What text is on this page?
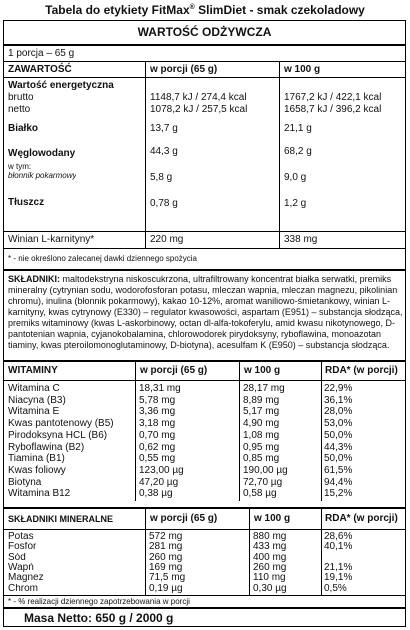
Tabela do etykiety FitMax® SlimDiet - smak czekoladowy
WARTOŚĆ ODŻYWCZA
1 porcja – 65 g
ZAWARTOŚĆ	w porcji (65 g)	w 100 g
Wartość energetyczna
brutto	1148,7 kJ / 274,4 kcal	1767,2 kJ / 422,1 kcal
netto	1078,2 kJ / 257,5 kcal	1658,7 kJ / 396,2 kcal
Białko	13,7 g	21,1 g
Węglowodany	44,3 g	68,2 g
w tym:
błonnik pokarmowy	5,8 g	9,0 g
Tłuszcz	0,78 g	1,2 g
Winian L-karnityny*	220 mg	338 mg
* - nie określono zalecanej dawki dziennego spożycia
SKŁADNIKI: maltodekstryna niskoscukrzona, ultrafiltrowany koncentrat białka serwatki, premiks mineralny (cytrynian sodu, wodorofosforan potasu, mleczan wapnia, mleczan magnezu, pikolinian chromu), inulina (błonnik pokarmowy), kakao 10-12%, aromat waniliowo-śmietankowy, winian L-karnityny, kwas cytrynowy (E330) – regulator kwasowości, aspartam (E951) – substancja słodząca, premiks witaminowy (kwas L-askorbinowy, octan dl-alfa-tokoferylu, amid kwasu nikotynowego, D-pantotenian wapnia, cyjanokobalamina, chlorowodorek pirydoksyny, ryboflawina, monoazotan tiaminy, kwas pteroilomonoglutaminowy, D-biotyna), acesulfam K (E950) – substancja słodząca.
WITAMINY	w porcji (65 g)	w 100 g	RDA* (w porcji)
Witamina C	18,31 mg	28,17 mg	22,9%
Niacyna (B3)	5,78 mg	8,89 mg	36,1%
Witamina E	3,36 mg	5,17 mg	28,0%
Kwas pantotenowy (B5)	3,18 mg	4,90 mg	53,0%
Pirodoksyna HCL (B6)	0,70 mg	1,08 mg	50,0%
Ryboflawina (B2)	0,62 mg	0,95 mg	44,3%
Tiamina (B1)	0,55 mg	0,85 mg	50,0%
Kwas foliowy	123,00 µg	190,00 µg	61,5%
Biotyna	47,20 µg	72,70 µg	94,4%
Witamina B12	0,38 µg	0,58 µg	15,2%
SKŁADNIKI MINERALNE	w porcji (65 g)	w 100 g	RDA* (w porcji)
Potas	572 mg	880 mg	28,6%
Fosfor	281 mg	433 mg	40,1%
Sód	260 mg	400 mg
Wapń	169 mg	260 mg	21,1%
Magnez	71,5 mg	110 mg	19,1%
Chrom	0,19 µg	0,30 µg	0,5%
* - % realizacji dziennego zapotrzebowania w porcji
Masa Netto: 650 g / 2000 g
